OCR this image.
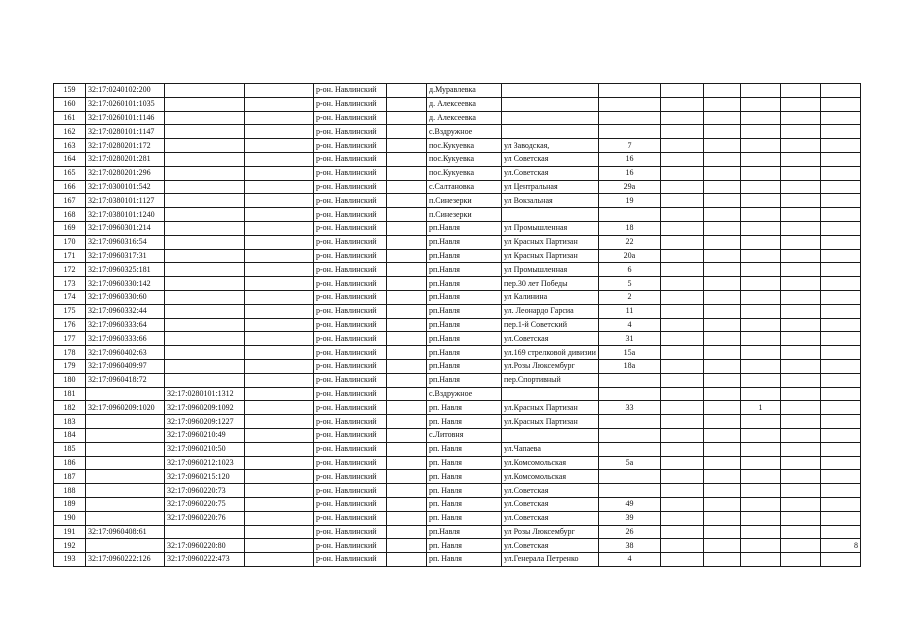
159	32:17:0240102:200			р-он. Навлинский		д.Муравлевка							
160	32:17:0260101:1035			р-он. Навлинский		д. Алексеевка							
161	32:17:0260101:1146			р-он. Навлинский		д. Алексеевка							
162	32:17:0280101:1147			р-он. Навлинский		с.Вздружное							
163	32:17:0280201:172			р-он. Навлинский		пос.Кукуевка	ул Заводская,	7					
164	32:17:0280201:281			р-он. Навлинский		пос.Кукуевка	ул Советская	16					
165	32:17:0280201:296			р-он. Навлинский		пос.Кукуевка	ул.Советская	16					
166	32:17:0300101:542			р-он. Навлинский		с.Салтановка	ул Центральная	29а					
167	32:17:0380101:1127			р-он. Навлинский		п.Синезерки	ул Вокзальная	19					
168	32:17:0380101:1240			р-он. Навлинский		п.Синезерки							
169	32:17:0960301:214			р-он. Навлинский		рп.Навля	ул Промышленная	18					
170	32:17:0960316:54			р-он. Навлинский		рп.Навля	ул Красных Партизан	22					
171	32:17:0960317:31			р-он. Навлинский		рп.Навля	ул Красных Партизан	20а					
172	32:17:0960325:181			р-он. Навлинский		рп.Навля	ул Промышленная	6					
173	32:17:0960330:142			р-он. Навлинский		рп.Навля	пер.30 лет Победы	5					
174	32:17:0960330:60			р-он. Навлинский		рп.Навля	ул Калинина	2					
175	32:17:0960332:44			р-он. Навлинский		рп.Навля	ул. Леонардо Гарсиа	11					
176	32:17:0960333:64			р-он. Навлинский		рп.Навля	пер.1-й Советский	4					
177	32:17:0960333:66			р-он. Навлинский		рп.Навля	ул.Советская	31					
178	32:17:0960402:63			р-он. Навлинский		рп.Навля	ул.169 стрелковой дивизии	15а					
179	32:17:0960409:97			р-он. Навлинский		рп.Навля	ул.Розы Люксембург	18а					
180	32:17:0960418:72			р-он. Навлинский		рп.Навля	пер.Спортивный						
181		32:17:0280101:1312		р-он. Навлинский		с.Вздружное							
182	32:17:0960209:1020	32:17:0960209:1092		р-он. Навлинский		рп. Навля	ул.Красных Партизан	33			1		
183		32:17:0960209:1227		р-он. Навлинский		рп. Навля	ул.Красных Партизан						
184		32:17:0960210:49		р-он. Навлинский		с.Литовня							
185		32:17:0960210:50		р-он. Навлинский		рп. Навля	ул.Чапаева						
186		32:17:0960212:1023		р-он. Навлинский		рп. Навля	ул.Комсомольская	5а					
187		32:17:0960215:120		р-он. Навлинский		рп. Навля	ул.Комсомольская						
188		32:17:0960220:73		р-он. Навлинский		рп. Навля	ул.Советская						
189		32:17:0960220:75		р-он. Навлинский		рп. Навля	ул.Советская	49					
190		32:17:0960220:76		р-он. Навлинский		рп. Навля	ул.Советская	39					
191	32:17:0960408:61			р-он. Навлинский		рп.Навля	ул Розы Люксембург	26					
192		32:17:0960220:80		р-он. Навлинский		рп. Навля	ул.Советская	38					8
193	32:17:0960222:126	32:17:0960222:473		р-он. Навлинский		рп. Навля	ул.Генерала Петренко	4					
